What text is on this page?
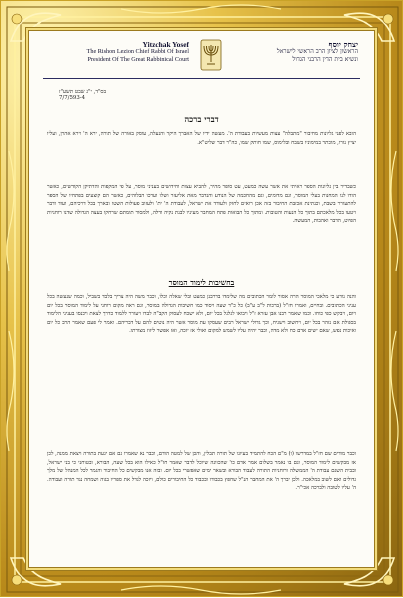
Yitzchak Yosef
The Rishon Lezion Chief Rabbi Of Israel
President Of The Great Rabbinical Court
יצחק יוסף
הראשון לציון הרב הראשי לישראל
ונשיא בית הדין הרבני הגדול
בס"ד, י"ג שבט תשע"ז
7/7/593-4
דברי ברכה
הובא לפני גליונות מחיבור "מתבלה" עצות מעשיות בעבודת ה'. מעשה ידיו של האברך היקר והנעלה, עוסק באורה של תורה, ירא ה' וירא אהרן, ועליו יציץ נזרו, מוכתר במימוניו בשבח ובלימוס, שמו חותק שמו, כה"ר דבר שליט"א.
כשבדיר בין גליונות הספר ראיתי את אשר עשה כמעט, עט סופר מהיר, להביא עצות וחידושים בעניני מוסר, על פי המקפות והדתיקן הקודשים, כאשר הודו לנו המחנות בעלי המוסר, וגם מדומים, וגם מהחכמה של הנודע והנדבר מאת אליעזר ושלו וערכו הבלוהים, כאשר הם קוצעים בפתחיו של הספר להתעורר בשבת, וכנתינת אכזבת החיבור בזה אכן רואים לחזק ולעודד את ישראל, לעבודת ה' ית' ולעזוב פעולות השטו ובארך בכל דרכיהם, ועוד ודבר ויטעו בכל מלאכתם בתוך כל הנעות והטובות. ומתוך כל הבואות פתח המחבר מעיניו לבנת נקיה ודלה, ולמסור תומתם שרחקו בעצה הגדולה שדנו רוחניות הפיוט, הדבר ואהבות, המעשה.
בחשיבות לימוד המוסר
והנה נודע כי מלאכי המוסר הרה אסור לומר הכתובים מה שלימדו בדרבנן כמעט ובלי שאלה וכלו, וכבר משה היה צריך בלבד בשביל, וכמה שנעשה בכל עניני הכתובים. ובחיים, ואמרו חז"ל (ברכות ל"ב ע"ב) כל כ"ד שעה ויסוד כמו חשיבות הגדולה במוסר, וגם ראה מקום רוחני על לימוד המוסר בכל יום ויום, ויבקש כפי כוחו. וכמו שאמר רבנו אבן עזרא ז"ל ויבואו לגלגל בכל יום, ולא ישכח לעסוק הקב"ה לבדו ויעורר ללמוד כדרך לצאת ויכנסו בעניני הלימוד בסגולת אם נזהר בכל יום, ויחשוב וישגיח, וכך גדולי ישראל רבים שעסקו עת מוסר אשר היה נוטים להם על דבריהם. ואמר לי פעם שאמר הרב כל יום ואיכות נפש, שאם ישים אדם כח ולא מדה, וכבר יהיה עליו לשמש למקום ואולי אז יזכה, ואז אפשר ליזוז מצורתו.
וכבר מודים שם חז"ל במדרשו (ו) מ"ם הכח להתמיד בעיונו של תורה תבלין, והכן של למטה הודם, וכבר נא שאמרו גם אם יגעת בתורה ויצאת ממנה, לכן אז מבקשים לימוד המוסר, וגם בו נאמר בשלום אמר אדם כו' שהכוונה שיוכל לדבר שאמר חז"ל כאילו הוא בכל שעה, הבורא, ובטוחני כי בני ישראל, ובבית השגם עבודת ה' הממשלה ורוחניות התורה לעבוד הבורא ובשאר ימים שאפשרי בכל יום. ובזה אנו מבקשים כל החיבור והגמר לכל המנהל של מלך גדולים ואם לשוב במלאכה. ולכן יברך ה' את המחבר הנ"ל שחפץ בכבודו ובכבוד כל החיבורים כולם, ויזכה לגדל את ספריו בגוה ושמחה נגד תורה ועבודה. ה' עליו לטובה ולברכה אכי"ר.
